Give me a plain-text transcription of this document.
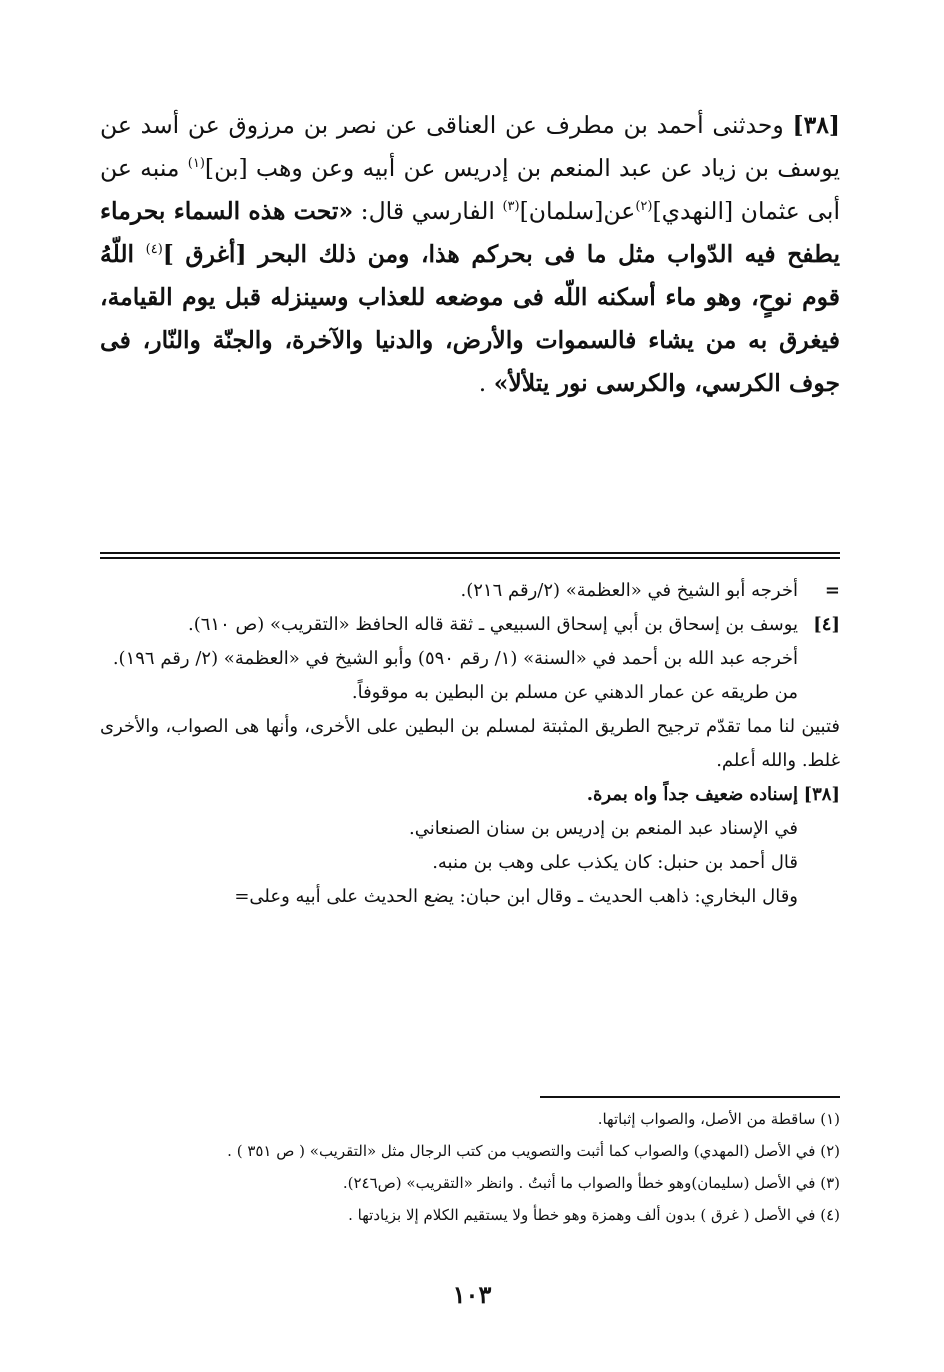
[٣٨] وحدثنى أحمد بن مطرف عن العناقى عن نصر بن مرزوق عن أسد عن يوسف بن زياد عن عبد المنعم بن إدريس عن أبيه وعن وهب [بن]$^{(١)}$ منبه عن أبى عثمان [النهدي]$^{(٢)}$عن[سلمان]$^{(٣)}$ الفارسي قال: «تحت هذه السماء بحرماء يطفح فيه الدّواب مثل ما فى بحركم هذا، ومن ذلك البحر [أغرق ]$^{(٤)}$ اللّهُ قوم نوحٍ، وهو ماء أسكنه اللّه فى موضعه للعذاب وسينزله قبل يوم القيامة، فيغرق به من يشاء فالسموات والأرض، والدنيا والآخرة، والجنّة والنّار، فى جوف الكرسي، والكرسى نور يتلألأ» .

=
أخرجه أبو الشيخ في «العظمة» (٢/رقم ٢١٦).
[٤]
يوسف بن إسحاق بن أبي إسحاق السبيعي ـ ثقة قاله الحافظ «التقريب» (ص ٦١٠).
أخرجه عبد الله بن أحمد في «السنة» (١/ رقم ٥٩٠) وأبو الشيخ في «العظمة» (٢/ رقم ١٩٦).
من طريقه عن عمار الدهني عن مسلم بن البطين به موقوفاً.
فتبين لنا مما تقدّم ترجيح الطريق المثبتة لمسلم بن البطين على الأخرى، وأنها هى الصواب، والأخرى غلط. والله أعلم.
[٣٨]
إسناده ضعيف جداً واه بمرة.
في الإسناد عبد المنعم بن إدريس بن سنان الصنعاني.
قال أحمد بن حنبل: كان يكذب على وهب بن منبه.
وقال البخاري: ذاهب الحديث ـ وقال ابن حبان: يضع الحديث على أبيه وعلى=

(١) ساقطة من الأصل، والصواب إثباتها.

(٢) في الأصل (المهدي) والصواب كما أثبت والتصويب من كتب الرجال مثل «التقريب» ( ص ٣٥١ ) .

(٣) في الأصل (سليمان)وهو خطأ والصواب ما أثبتُ . وانظر «التقريب» (ص٢٤٦).

(٤) في الأصل ( غرق ) بدون ألف وهمزة وهو خطأ ولا يستقيم الكلام إلا بزيادتها .

١٠٣
